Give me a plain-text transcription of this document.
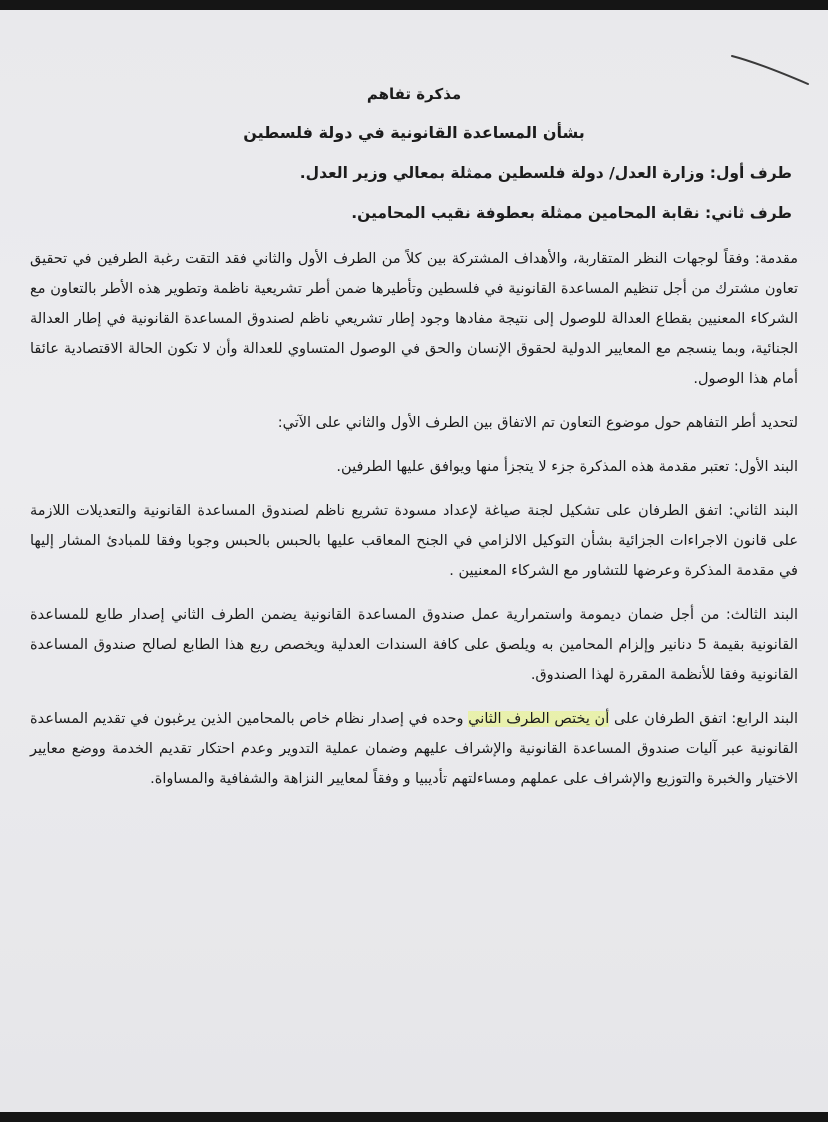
مذكرة تفاهم
بشأن المساعدة القانونية في دولة فلسطين
طرف أول: وزارة العدل/ دولة فلسطين ممثلة بمعالي وزير العدل.
طرف ثاني: نقابة المحامين ممثلة بعطوفة نقيب المحامين.

مقدمة: وفقاً لوجهات النظر المتقاربة، والأهداف المشتركة بين كلاً من الطرف الأول والثاني فقد التقت رغبة الطرفين في تحقيق تعاون مشترك من أجل تنظيم المساعدة القانونية في فلسطين وتأطيرها ضمن أطر تشريعية ناظمة وتطوير هذه الأطر بالتعاون مع الشركاء المعنيين بقطاع العدالة للوصول إلى نتيجة مفادها وجود إطار تشريعي ناظم لصندوق المساعدة القانونية في إطار العدالة الجنائية، وبما ينسجم مع المعايير الدولية لحقوق الإنسان والحق في الوصول المتساوي للعدالة وأن لا تكون الحالة الاقتصادية عائقا أمام هذا الوصول.

لتحديد أطر التفاهم حول موضوع التعاون تم الاتفاق بين الطرف الأول والثاني على الآتي:

البند الأول: تعتبر مقدمة هذه المذكرة جزء لا يتجزأ منها ويوافق عليها الطرفين.

البند الثاني: اتفق الطرفان على تشكيل لجنة صياغة لإعداد مسودة تشريع ناظم لصندوق المساعدة القانونية والتعديلات اللازمة على قانون الاجراءات الجزائية بشأن التوكيل الالزامي في الجنح المعاقب عليها بالحبس بالحبس وجوبا وفقا للمبادئ المشار إليها في مقدمة المذكرة وعرضها للتشاور مع الشركاء المعنيين .

البند الثالث: من أجل ضمان ديمومة واستمرارية عمل صندوق المساعدة القانونية يضمن الطرف الثاني إصدار طابع للمساعدة القانونية بقيمة 5 دنانير وإلزام المحامين به ويلصق على كافة السندات العدلية ويخصص ريع هذا الطابع لصالح صندوق المساعدة القانونية وفقا للأنظمة المقررة لهذا الصندوق.

البند الرابع: اتفق الطرفان على أن يختص الطرف الثاني وحده في إصدار نظام خاص بالمحامين الذين يرغبون في تقديم المساعدة القانونية عبر آليات صندوق المساعدة القانونية والإشراف عليهم وضمان عملية التدوير وعدم احتكار تقديم الخدمة ووضع معايير الاختيار والخبرة والتوزيع والإشراف على عملهم ومساءلتهم تأديبيا و وفقاً لمعايير النزاهة والشفافية والمساواة.
